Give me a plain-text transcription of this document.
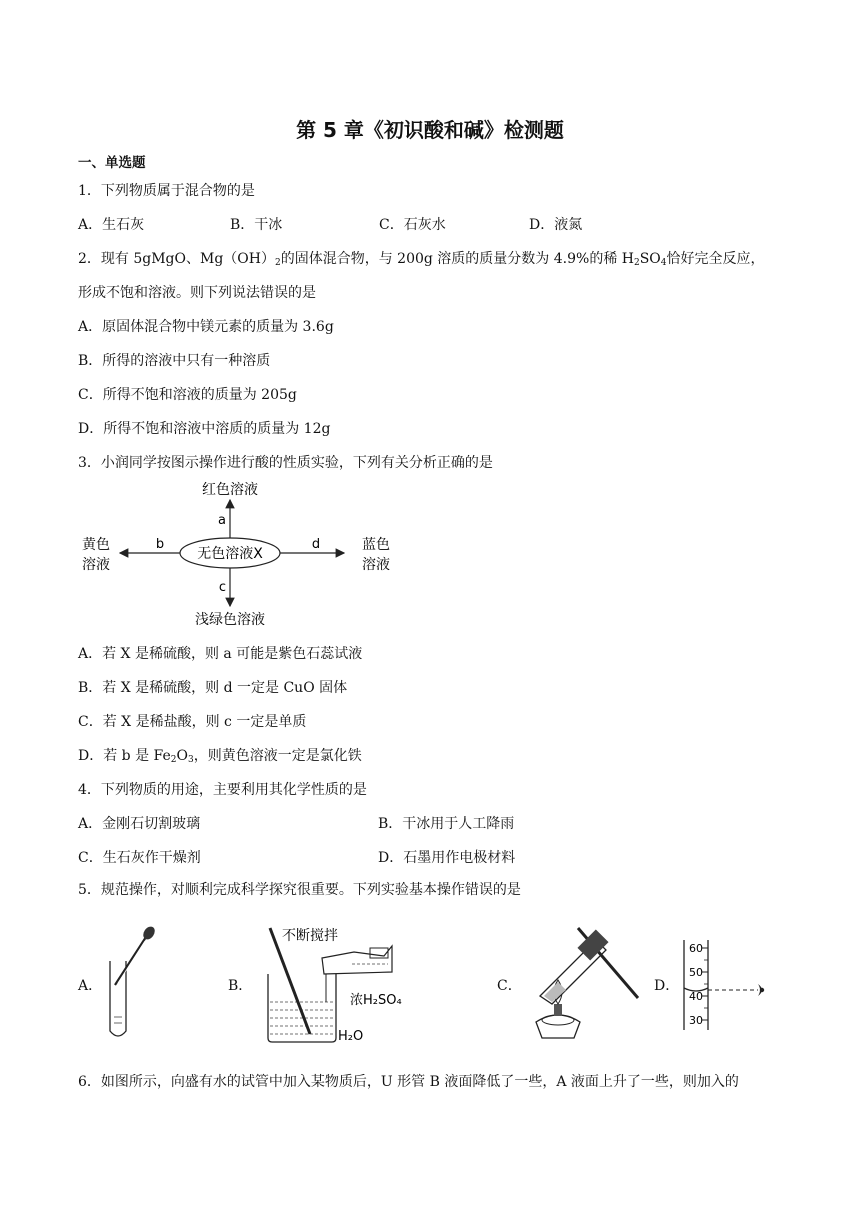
第 5 章《初识酸和碱》检测题
一、单选题
1．下列物质属于混合物的是
A．生石灰	B．干冰	C．石灰水	D．液氮
2．现有 5gMgO、$Mg(OH)_2$的固体混合物，与 200g 溶质的质量分数为 4.9%的稀 $H_2SO_4$恰好完全反应，
形成不饱和溶液。则下列说法错误的是
A．原固体混合物中镁元素的质量为 3.6g
B．所得的溶液中只有一种溶质
C．所得不饱和溶液的质量为 205g
D．所得不饱和溶液中溶质的质量为 12g
3．小润同学按图示操作进行酸的性质实验，下列有关分析正确的是
无色溶液X
红色溶液
a
浅绿色溶液
c
b
黄色
溶液
d	蓝色
溶液
A．若 X 是稀硫酸，则 a 可能是紫色石蕊试液
B．若 X 是稀硫酸，则 d 一定是 CuO 固体
C．若 X 是稀盐酸，则 c 一定是单质
D．若 b 是 $Fe_2O_3$，则黄色溶液一定是氯化铁
4．下列物质的用途，主要利用其化学性质的是
A．金刚石切割玻璃	B．干冰用于人工降雨
C．生石灰作干燥剂	D．石墨用作电极材料
5．规范操作，对顺利完成科学探究很重要。下列实验基本操作错误的是
A．	B．	C．	D．
不断搅拌
浓H₂SO₄
H₂O
60
50
40
30
6．如图所示，向盛有水的试管中加入某物质后，U 形管 B 液面降低了一些，A 液面上升了一些，则加入的
